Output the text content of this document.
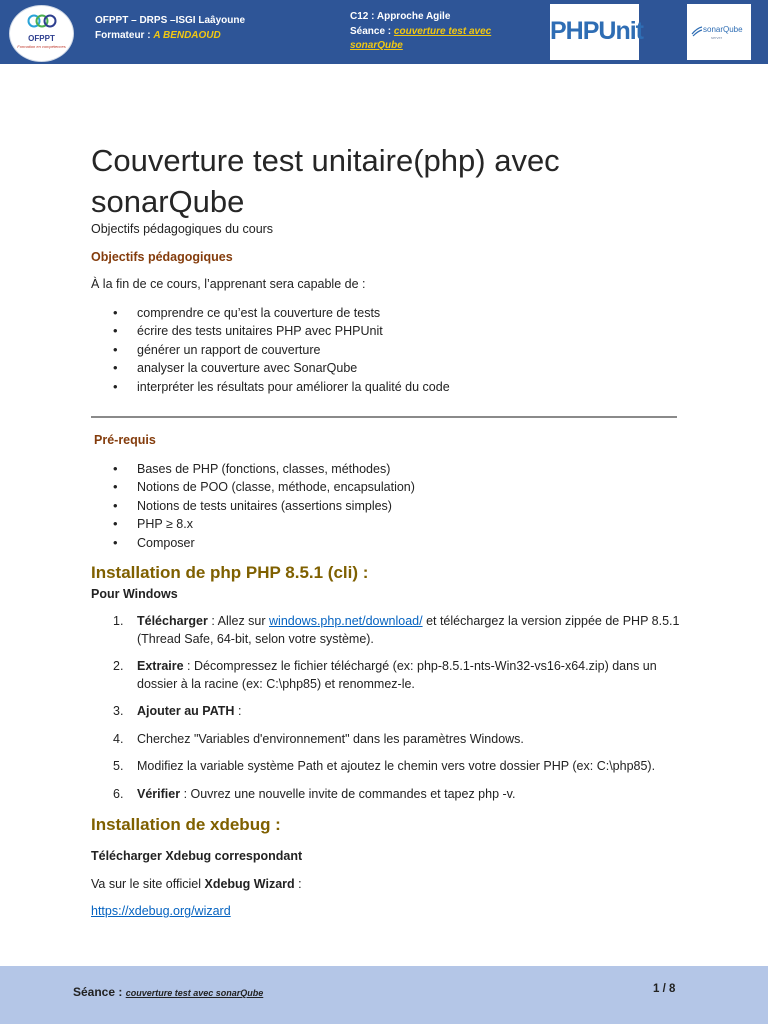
OFPPT
Formation en compétences
OFPPT – DRPS –ISGI Laâyoune
Formateur : A BENDAOUD
C12 : Approche Agile
Séance : couverture test avec sonarQube
PHPUnit	sonarQube
server
Couverture test unitaire(php) avec sonarQube
Objectifs pédagogiques du cours
Objectifs pédagogiques
À la fin de ce cours, l’apprenant sera capable de :
• comprendre ce qu’est la couverture de tests
• écrire des tests unitaires PHP avec PHPUnit
• générer un rapport de couverture
• analyser la couverture avec SonarQube
• interpréter les résultats pour améliorer la qualité du code
Pré-requis
• Bases de PHP (fonctions, classes, méthodes)
• Notions de POO (classe, méthode, encapsulation)
• Notions de tests unitaires (assertions simples)
• PHP ≥ 8.x
• Composer
Installation de php PHP 8.5.1 (cli) :
Pour Windows
1. Télécharger : Allez sur windows.php.net/download/ et téléchargez la version zippée de PHP 8.5.1 (Thread Safe, 64-bit, selon votre système).
2. Extraire : Décompressez le fichier téléchargé (ex: php-8.5.1-nts-Win32-vs16-x64.zip) dans un dossier à la racine (ex: C:\php85) et renommez-le.
3. Ajouter au PATH :
4. Cherchez "Variables d'environnement" dans les paramètres Windows.
5. Modifiez la variable système Path et ajoutez le chemin vers votre dossier PHP (ex: C:\php85).
6. Vérifier : Ouvrez une nouvelle invite de commandes et tapez php -v.
Installation de xdebug :
Télécharger Xdebug correspondant
Va sur le site officiel Xdebug Wizard :
https://xdebug.org/wizard
Séance : couverture test avec sonarQube	1 / 8
